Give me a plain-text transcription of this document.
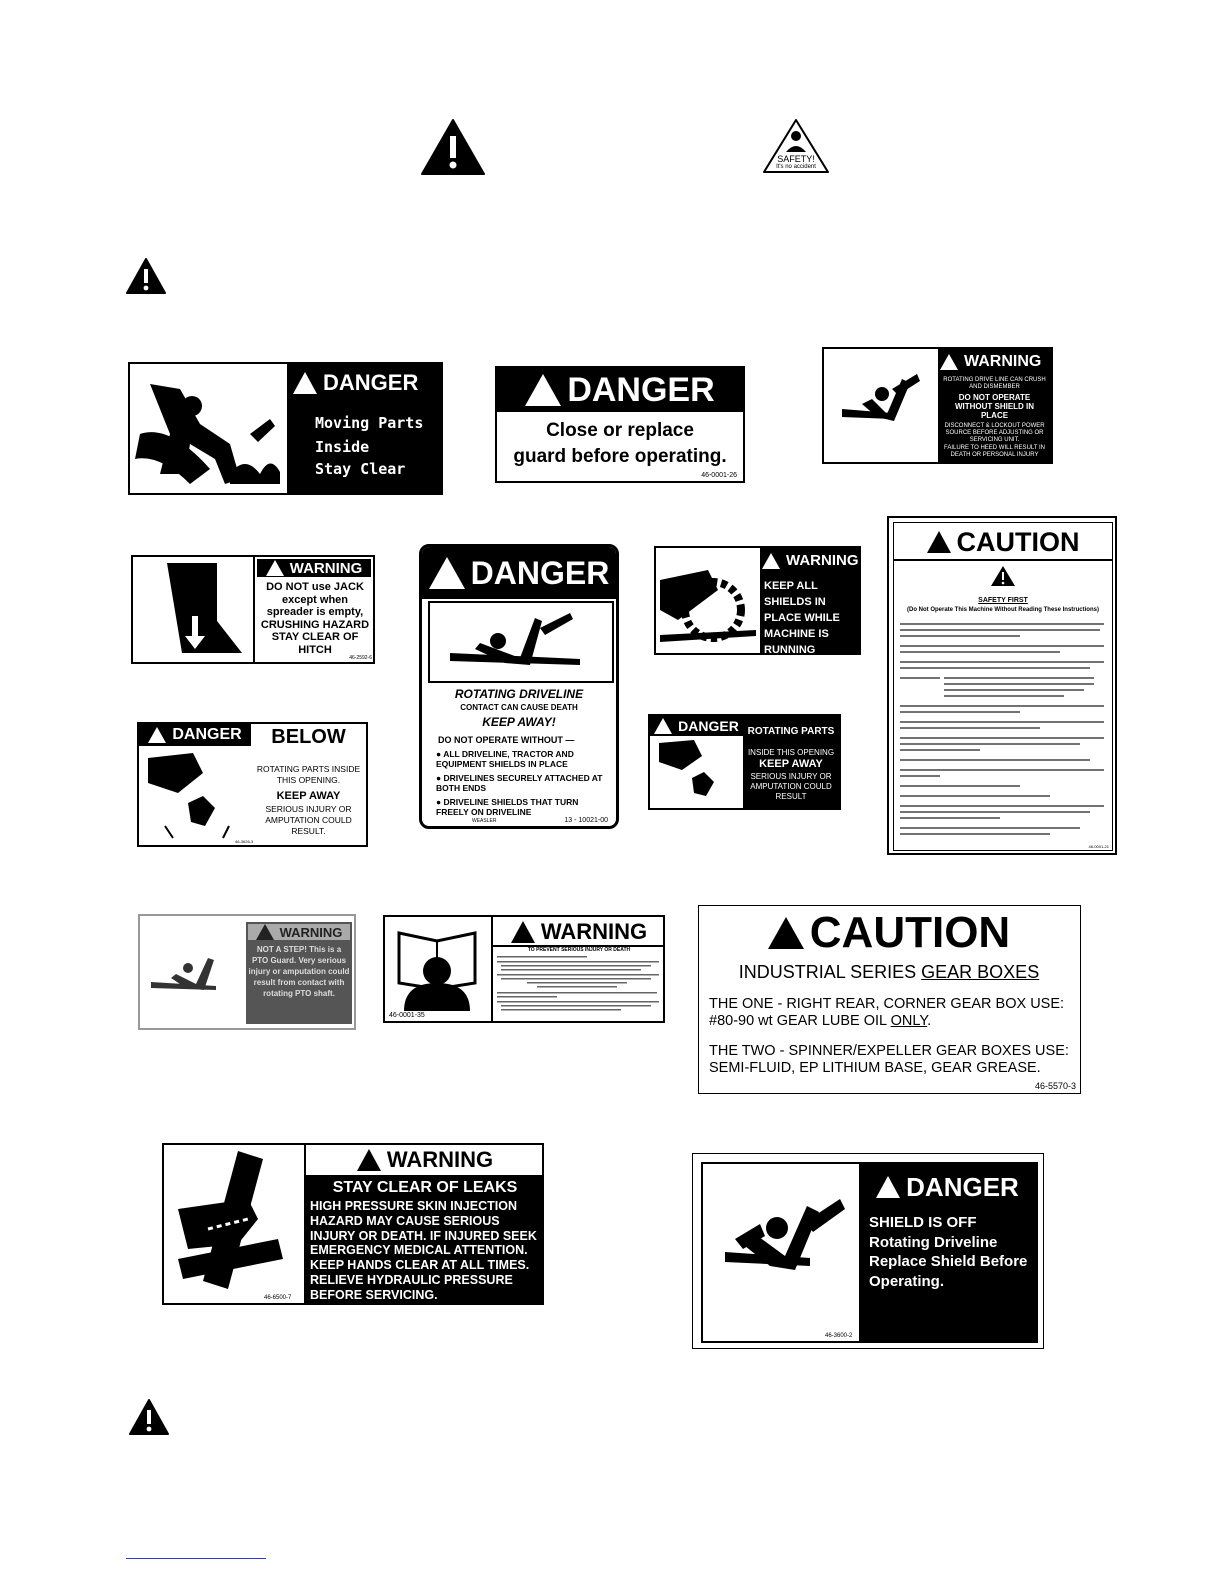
SAFETY!
It's no accident
DANGER
Moving Parts
Inside
Stay Clear
DANGER
Close or replace
guard before operating.
46-0001-26
WARNING
ROTATING DRIVE LINE CAN CRUSH AND DISMEMBER
DO NOT OPERATE WITHOUT SHIELD IN PLACE
DISCONNECT & LOCKOUT POWER SOURCE BEFORE ADJUSTING OR SERVICING UNIT.
FAILURE TO HEED WILL RESULT IN DEATH OR PERSONAL INJURY
WARNING
DO NOT use JACK except when spreader is empty, CRUSHING HAZARD STAY CLEAR OF HITCH
46-2592-6
DANGER
ROTATING DRIVELINE
CONTACT CAN CAUSE DEATH
KEEP AWAY!
DO NOT OPERATE WITHOUT —
● ALL DRIVELINE, TRACTOR AND EQUIPMENT SHIELDS IN PLACE
● DRIVELINES SECURELY ATTACHED AT BOTH ENDS
● DRIVELINE SHIELDS THAT TURN FREELY ON DRIVELINE
WEASLER	13 - 10021-00
WARNING
KEEP ALL SHIELDS IN PLACE WHILE MACHINE IS RUNNING
CAUTION
SAFETY FIRST
(Do Not Operate This Machine Without Reading These Instructions)
46-0001-21
DANGER	BELOW
ROTATING PARTS INSIDE THIS OPENING.
KEEP AWAY
SERIOUS INJURY OR AMPUTATION COULD RESULT.
46-3626-3
DANGER ROTATING PARTS
INSIDE THIS OPENING
KEEP AWAY
SERIOUS INJURY OR AMPUTATION COULD RESULT
WARNING
NOT A STEP! This is a PTO Guard. Very serious injury or amputation could result from contact with rotating PTO shaft.
46-0001-35
WARNING
TO PREVENT SERIOUS INJURY OR DEATH	CAUTION
INDUSTRIAL SERIES GEAR BOXES
THE ONE - RIGHT REAR, CORNER GEAR BOX USE:
#80-90 wt GEAR LUBE OIL ONLY.
THE TWO - SPINNER/EXPELLER GEAR BOXES USE:
SEMI-FLUID, EP LITHIUM BASE, GEAR GREASE.
46-5570-3
46-6500-7
WARNING
STAY CLEAR OF LEAKS
HIGH PRESSURE SKIN INJECTION HAZARD MAY CAUSE SERIOUS INJURY OR DEATH. IF INJURED SEEK EMERGENCY MEDICAL ATTENTION. KEEP HANDS CLEAR AT ALL TIMES. RELIEVE HYDRAULIC PRESSURE BEFORE SERVICING.
46-3600-2
DANGER
SHIELD IS OFF
Rotating Driveline
Replace Shield Before
Operating.
